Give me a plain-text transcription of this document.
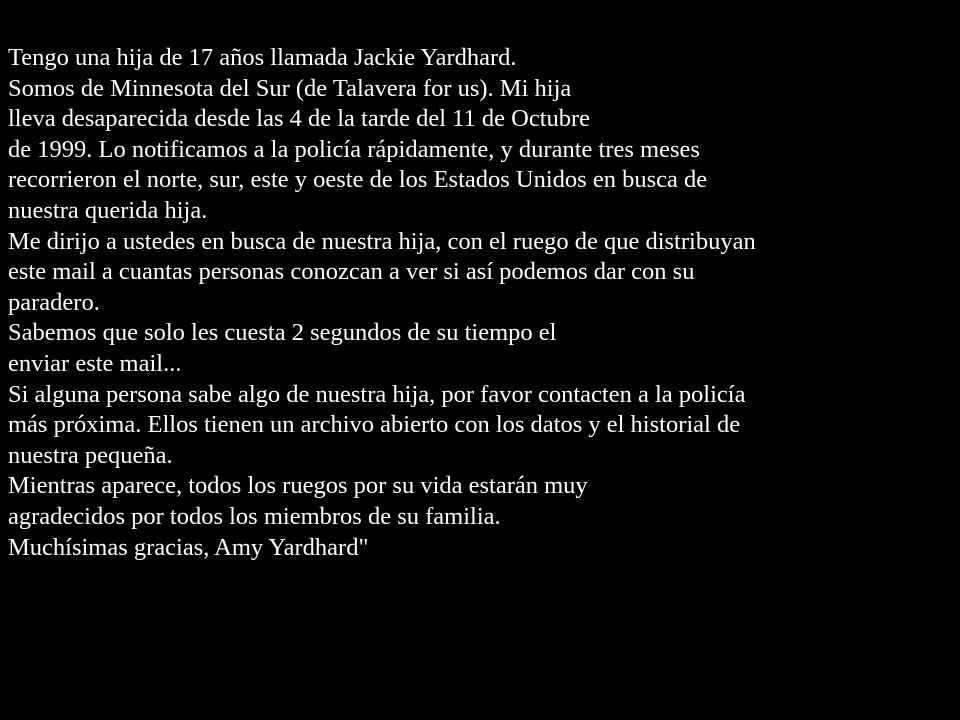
Tengo una hija de 17 años llamada Jackie Yardhard.
Somos de Minnesota del Sur (de Talavera for us). Mi hija
lleva desaparecida desde las 4 de la tarde del 11 de Octubre
de 1999. Lo notificamos a la policía rápidamente, y durante tres meses
recorrieron el norte, sur, este y oeste de los Estados Unidos en busca de
nuestra querida hija.
Me dirijo a ustedes en busca de nuestra hija, con el ruego de que distribuyan
este mail a cuantas personas conozcan a ver si así podemos dar con su
paradero.
Sabemos que solo les cuesta 2 segundos de su tiempo el
enviar este mail...
Si alguna persona sabe algo de nuestra hija, por favor contacten a la policía
más próxima. Ellos tienen un archivo abierto con los datos y el historial de
nuestra pequeña.
Mientras aparece, todos los ruegos por su vida estarán muy
agradecidos por todos los miembros de su familia.
Muchísimas gracias, Amy Yardhard"
